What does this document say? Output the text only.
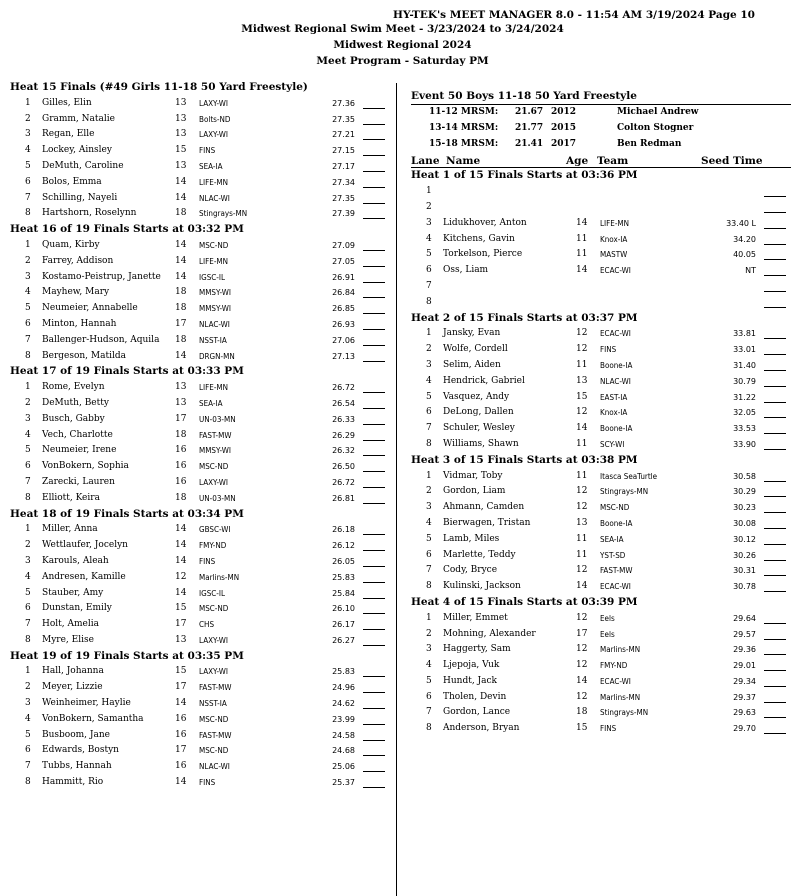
HY-TEK's MEET MANAGER 8.0 - 11:54 AM 3/19/2024 Page 10
Midwest Regional Swim Meet - 3/23/2024 to 3/24/2024
Midwest Regional 2024
Meet Program - Saturday PM
Heat 15 Finals (#49 Girls 11-18 50 Yard Freestyle)
1 Gilles, Elin	13 LAXY-WI	27.36
2 Gramm, Natalie	13 Bolts-ND	27.35
3 Regan, Elle	13 LAXY-WI	27.21
4 Lockey, Ainsley	15 FINS	27.15
5 DeMuth, Caroline	13 SEA-IA	27.17
6 Bolos, Emma	14 LIFE-MN	27.34
7 Schilling, Nayeli	14 NLAC-WI	27.35
8 Hartshorn, Roselynn	18 Stingrays-MN	27.39
Heat 16 of 19 Finals Starts at 03:32 PM
1 Quam, Kirby	14 MSC-ND	27.09
2 Farrey, Addison	14 LIFE-MN	27.05
3 Kostamo-Peistrup, Janette 14 IGSC-IL	26.91
4 Mayhew, Mary	18 MMSY-WI	26.84
5 Neumeier, Annabelle	18 MMSY-WI	26.85
6 Minton, Hannah	17 NLAC-WI	26.93
7 Ballenger-Hudson, Aquila 18 NSST-IA	27.06
8 Bergeson, Matilda	14 DRGN-MN	27.13
Heat 17 of 19 Finals Starts at 03:33 PM
1 Rome, Evelyn	13 LIFE-MN	26.72
2 DeMuth, Betty	13 SEA-IA	26.54
3 Busch, Gabby	17 UN-03-MN	26.33
4 Vech, Charlotte	18 FAST-MW	26.29
5 Neumeier, Irene	16 MMSY-WI	26.32
6 VonBokern, Sophia	16 MSC-ND	26.50
7 Zarecki, Lauren	16 LAXY-WI	26.72
8 Elliott, Keira	18 UN-03-MN	26.81
Heat 18 of 19 Finals Starts at 03:34 PM
1 Miller, Anna	14 GBSC-WI	26.18
2 Wettlaufer, Jocelyn	14 FMY-ND	26.12
3 Karouls, Aleah	14 FINS	26.05
4 Andresen, Kamille	12 Marlins-MN	25.83
5 Stauber, Amy	14 IGSC-IL	25.84
6 Dunstan, Emily	15 MSC-ND	26.10
7 Holt, Amelia	17 CHS	26.17
8 Myre, Elise	13 LAXY-WI	26.27
Heat 19 of 19 Finals Starts at 03:35 PM
1 Hall, Johanna	15 LAXY-WI	25.83
2 Meyer, Lizzie	17 FAST-MW	24.96
3 Weinheimer, Haylie	14 NSST-IA	24.62
4 VonBokern, Samantha	16 MSC-ND	23.99
5 Busboom, Jane	16 FAST-MW	24.58
6 Edwards, Bostyn	17 MSC-ND	24.68
7 Tubbs, Hannah	16 NLAC-WI	25.06
8 Hammitt, Rio	14 FINS	25.37
Event 50 Boys 11-18 50 Yard Freestyle
11-12 MRSM: 21.67 2012	Michael Andrew
13-14 MRSM: 21.77 2015	Colton Stogner
15-18 MRSM: 21.41 2017	Ben Redman
Lane Name	Age Team	Seed Time
Heat 1 of 15 Finals Starts at 03:36 PM
1
2
3 Lidukhover, Anton	14 LIFE-MN	33.40 L
4 Kitchens, Gavin	11 Knox-IA	34.20
5 Torkelson, Pierce	11 MASTW	40.05
6 Oss, Liam	14 ECAC-WI	NT
7
8
Heat 2 of 15 Finals Starts at 03:37 PM
1 Jansky, Evan	12 ECAC-WI	33.81
2 Wolfe, Cordell	12 FINS	33.01
3 Selim, Aiden	11 Boone-IA	31.40
4 Hendrick, Gabriel	13 NLAC-WI	30.79
5 Vasquez, Andy	15 EAST-IA	31.22
6 DeLong, Dallen	12 Knox-IA	32.05
7 Schuler, Wesley	14 Boone-IA	33.53
8 Williams, Shawn	11 SCY-WI	33.90
Heat 3 of 15 Finals Starts at 03:38 PM
1 Vidmar, Toby	11 Itasca SeaTurtle	30.58
2 Gordon, Liam	12 Stingrays-MN	30.29
3 Ahmann, Camden	12 MSC-ND	30.23
4 Bierwagen, Tristan	13 Boone-IA	30.08
5 Lamb, Miles	11 SEA-IA	30.12
6 Marlette, Teddy	11 YST-SD	30.26
7 Cody, Bryce	12 FAST-MW	30.31
8 Kulinski, Jackson	14 ECAC-WI	30.78
Heat 4 of 15 Finals Starts at 03:39 PM
1 Miller, Emmet	12 Eels	29.64
2 Mohning, Alexander	17 Eels	29.57
3 Haggerty, Sam	12 Marlins-MN	29.36
4 Ljepoja, Vuk	12 FMY-ND	29.01
5 Hundt, Jack	14 ECAC-WI	29.34
6 Tholen, Devin	12 Marlins-MN	29.37
7 Gordon, Lance	18 Stingrays-MN	29.63
8 Anderson, Bryan	15 FINS	29.70
